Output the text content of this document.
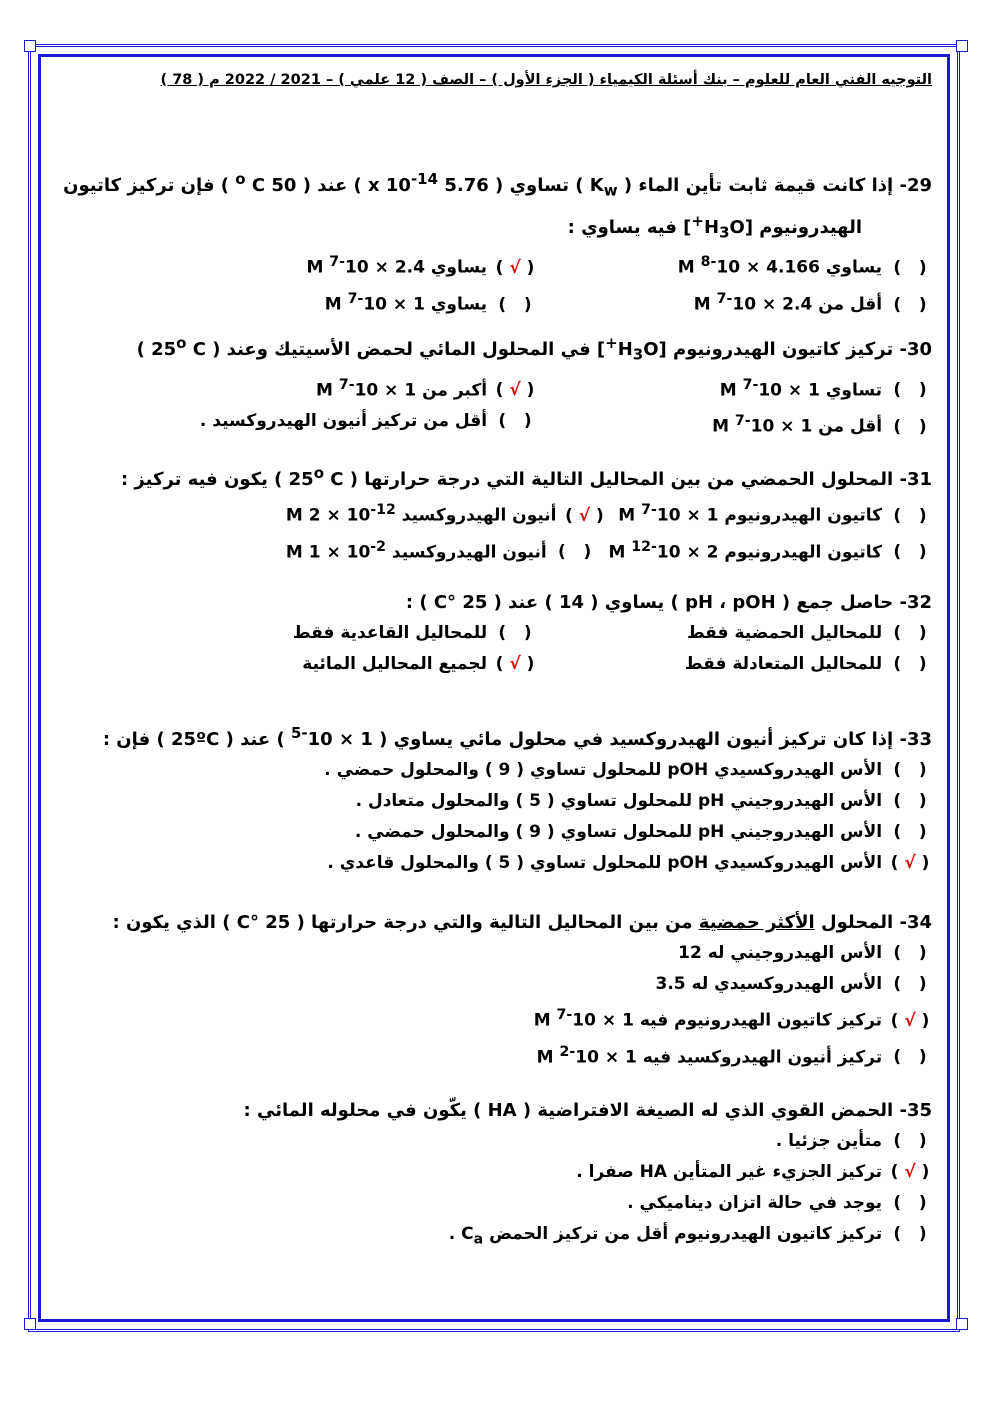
التوجيه الفني العام للعلوم – بنك أسئلة الكيمياء ( الجزء الأول ) – الصف ( 12 علمي ) – 2021 / 2022 م ( 78 )
29- إذا كانت قيمة ثابت تأين الماء ( $K_w$ ) تساوي ( 5.76 x $10^{-14}$ ) عند ( 50 $^o$ C ) فإن تركيز كاتيون
الهيدرونيوم $[H_3O^+]$ فيه يساوي :
(   ) يساوي $4.166 \times 10^{-8}$ M
( √ ) يساوي $2.4 \times 10^{-7}$ M
(   ) أقل من $2.4 \times 10^{-7}$ M
(   ) يساوي $1 \times 10^{-7}$ M
30- تركيز كاتيون الهيدرونيوم $[H_3O^+]$ في المحلول المائي لحمض الأسيتيك وعند ( 25$^o$ C )
(   ) تساوي $1 \times 10^{-7}$ M
( √ ) أكبر من $1 \times 10^{-7}$ M
(   ) أقل من $1 \times 10^{-7}$ M
(   ) أقل من تركيز أنيون الهيدروكسيد .
31- المحلول الحمضي من بين المحاليل التالية التي درجة حرارتها ( 25$^o$ C ) يكون فيه تركيز :
(   ) كاتيون الهيدرونيوم $1 \times 10^{-7}$ M  ( √ ) أنيون الهيدروكسيد M $2 \times 10^{-12}$
(   ) كاتيون الهيدرونيوم $2 \times 10^{-12}$ M  (   ) أنيون الهيدروكسيد M $1 \times 10^{-2}$
32- حاصل جمع ( pH ، pOH ) يساوي ( 14 ) عند ( 25 °C ) :
(   ) للمحاليل الحمضية فقط
(   ) للمحاليل القاعدية فقط
(   ) للمحاليل المتعادلة فقط
( √ ) لجميع المحاليل المائية
33- إذا كان تركيز أنيون الهيدروكسيد في محلول مائي يساوي ( $1 \times 10^{-5}$ ) عند ( 25ºC ) فإن :
(   ) الأس الهيدروكسيدي pOH للمحلول تساوي ( 9 ) والمحلول حمضي .
(   ) الأس الهيدروجيني pH للمحلول تساوي ( 5 ) والمحلول متعادل .
(   ) الأس الهيدروجيني pH للمحلول تساوي ( 9 ) والمحلول حمضي .
( √ ) الأس الهيدروكسيدي pOH للمحلول تساوي ( 5 ) والمحلول قاعدي .
34- المحلول الأكثر حمضية من بين المحاليل التالية والتي درجة حرارتها ( 25 °C ) الذي يكون :
(   ) الأس الهيدروجيني له 12
(   ) الأس الهيدروكسيدي له 3.5
( √ ) تركيز كاتيون الهيدرونيوم فيه $1 \times 10^{-7}$ M
(   ) تركيز أنيون الهيدروكسيد فيه $1 \times 10^{-2}$ M
35- الحمض القوي الذي له الصيغة الافتراضية ( HA ) يكّون في محلوله المائي :
(   ) متأين جزئيا .
( √ ) تركيز الجزيء غير المتأين HA صفرا .
(   ) يوجد في حالة اتزان ديناميكي .
(   ) تركيز كاتيون الهيدرونيوم أقل من تركيز الحمض $C_a$ .
